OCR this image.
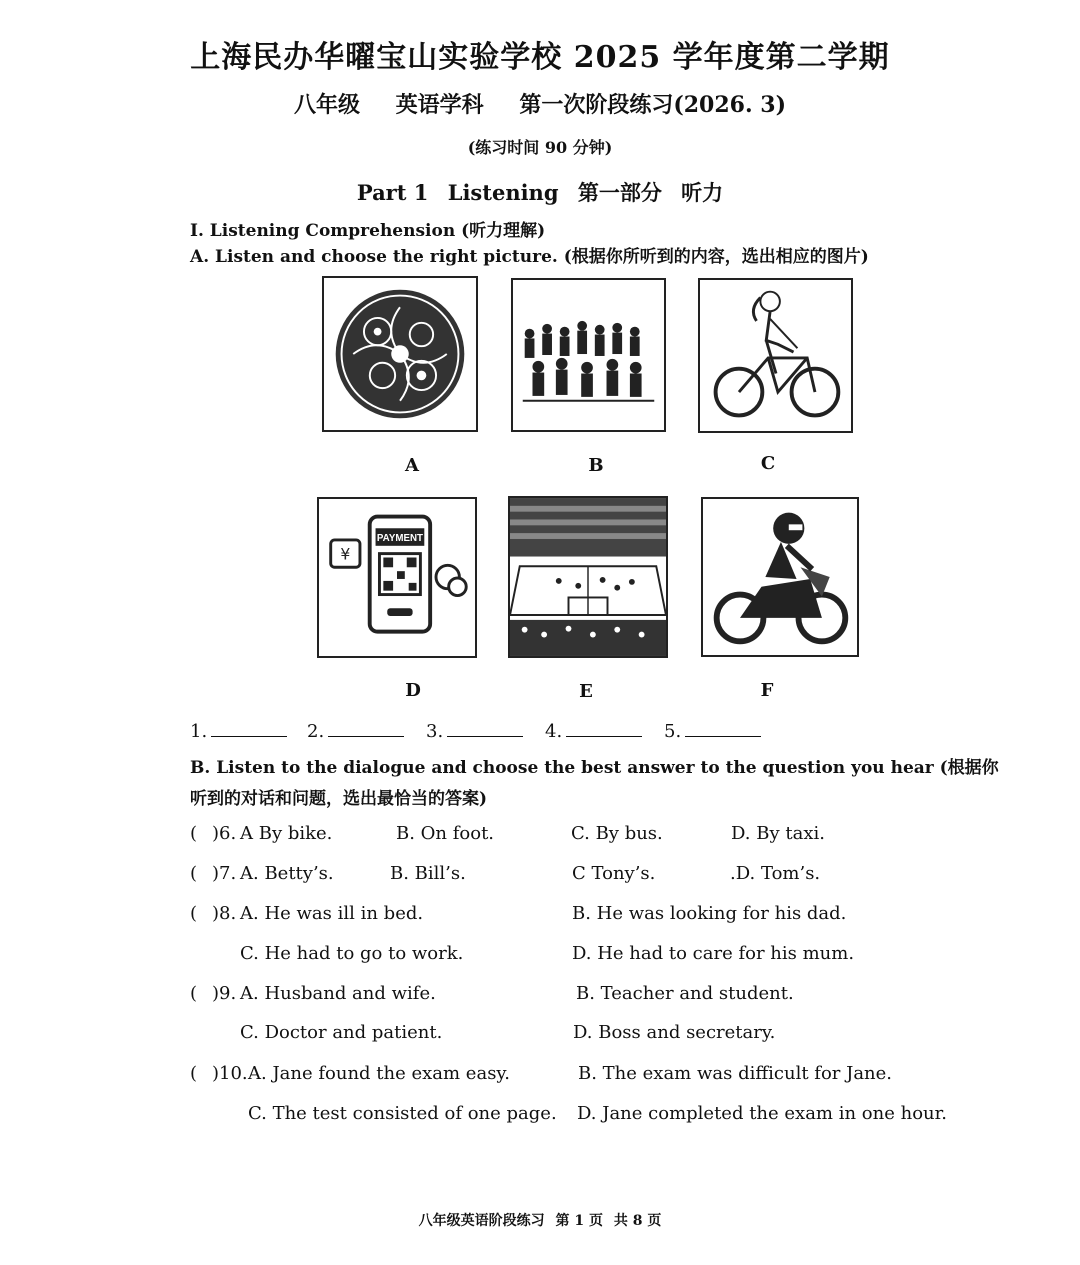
上海民办华曜宝山实验学校 2025 学年度第二学期
八年级 英语学科 第一次阶段练习(2026. 3)
(练习时间 90 分钟)
Part 1 Listening 第一部分 听力
I. Listening Comprehension (听力理解)
A. Listen and choose the right picture. (根据你所听到的内容，选出相应的图片)
A	B	C
PAYMENT
¥
D	E	F
1.	2.	3.	4.	5.
B. Listen to the dialogue and choose the best answer to the question you hear (根据你听到的对话和问题，选出最恰当的答案)
( )6. A By bike.	B. On foot.	C. By bus.	D. By taxi.
( )7. A. Betty’s.	B. Bill’s.	C Tony’s.	.D. Tom’s.
( )8. A. He was ill in bed.	B. He was looking for his dad.
C. He had to go to work.	D. He had to care for his mum.
( )9. A. Husband and wife.	B. Teacher and student.
C. Doctor and patient.	D. Boss and secretary.
( )10. A. Jane found the exam easy.	B. The exam was difficult for Jane.
C. The test consisted of one page. D. Jane completed the exam in one hour.
八年级英语阶段练习 第 1 页 共 8 页
